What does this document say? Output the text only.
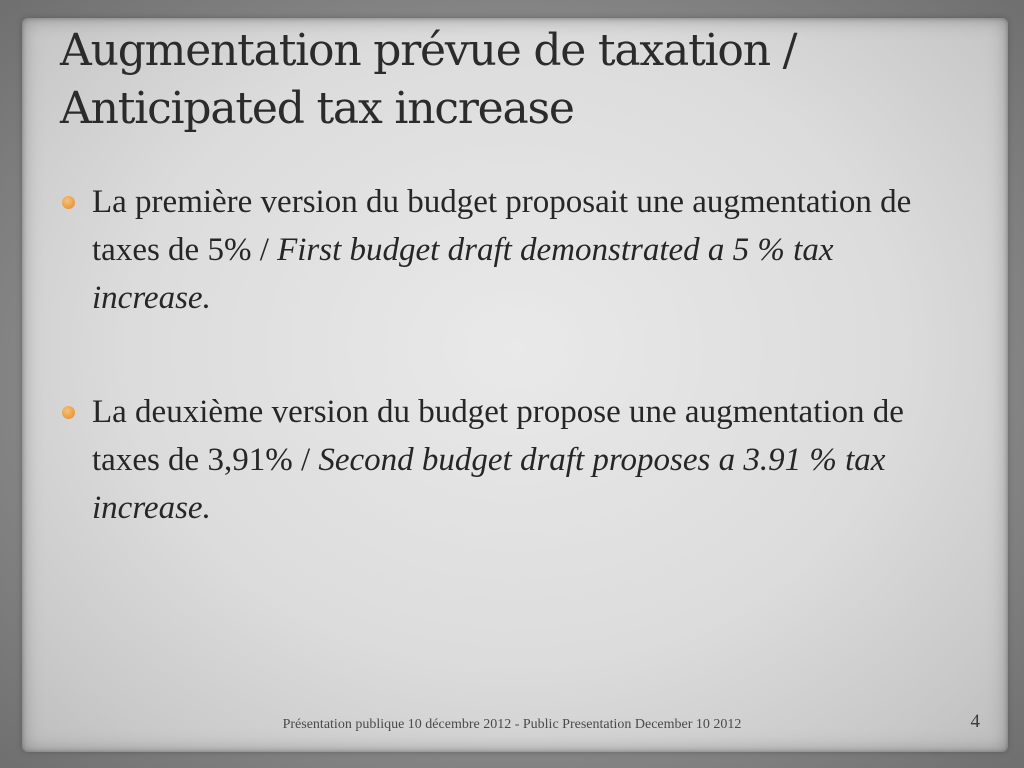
Augmentation prévue de taxation /
Anticipated tax increase

La première version du budget proposait une augmentation de taxes de 5% / First budget draft demonstrated a 5 % tax increase.

La deuxième version du budget propose une augmentation de taxes de 3,91% / Second budget draft proposes a 3.91 % tax increase.

Présentation publique 10 décembre 2012 - Public Presentation December 10 2012	4
